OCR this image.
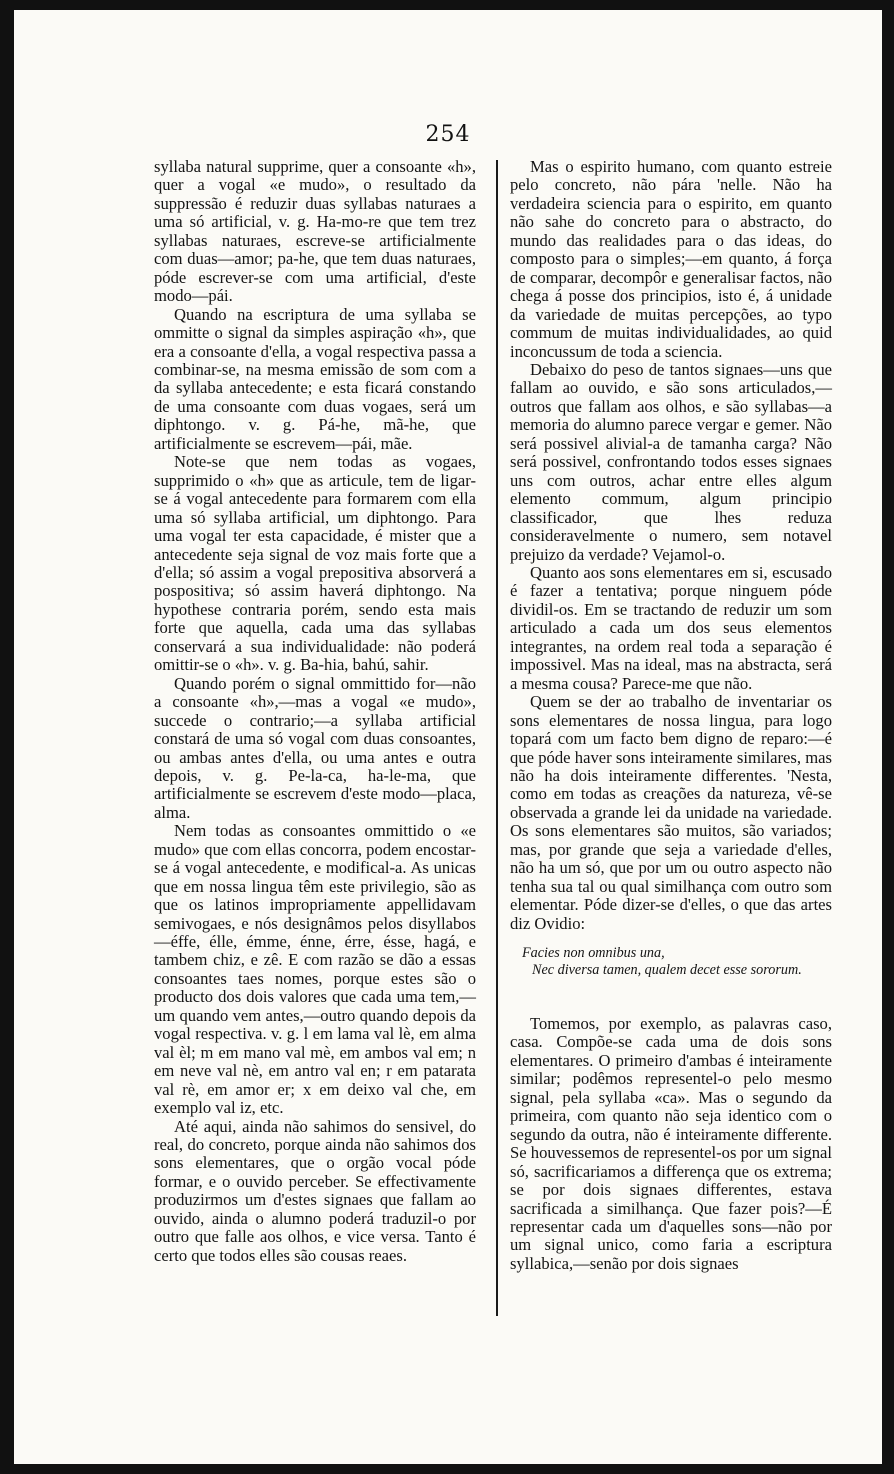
254

syllaba natural supprime, quer a consoante «h», quer a vogal «e mudo», o resultado da suppressão é reduzir duas syllabas naturaes a uma só artificial, v. g. Ha-mo-re que tem trez syllabas naturaes, escreve-se artificialmente com duas—amor; pa-he, que tem duas naturaes, póde escrever-se com uma artificial, d'este modo—pái.

Quando na escriptura de uma syllaba se ommitte o signal da simples aspiração «h», que era a consoante d'ella, a vogal respectiva passa a combinar-se, na mesma emissão de som com a da syllaba antecedente; e esta ficará constando de uma consoante com duas vogaes, será um diphtongo. v. g. Pá-he, mã-he, que artificialmente se escrevem—pái, mãe.

Note-se que nem todas as vogaes, supprimido o «h» que as articule, tem de ligar-se á vogal antecedente para formarem com ella uma só syllaba artificial, um diphtongo. Para uma vogal ter esta capacidade, é mister que a antecedente seja signal de voz mais forte que a d'ella; só assim a vogal prepositiva absorverá a pospositiva; só assim haverá diphtongo. Na hypothese contraria porém, sendo esta mais forte que aquella, cada uma das syllabas conservará a sua individualidade: não poderá omittir-se o «h». v. g. Ba-hia, bahú, sahir.

Quando porém o signal ommittido for—não a consoante «h»,—mas a vogal «e mudo», succede o contrario;—a syllaba artificial constará de uma só vogal com duas consoantes, ou ambas antes d'ella, ou uma antes e outra depois, v. g. Pe-la-ca, ha-le-ma, que artificialmente se escrevem d'este modo—placa, alma.

Nem todas as consoantes ommittido o «e mudo» que com ellas concorra, podem encostar-se á vogal antecedente, e modifical-a. As unicas que em nossa lingua têm este privilegio, são as que os latinos impropriamente appellidavam semivogaes, e nós designâmos pelos disyllabos—éffe, élle, émme, énne, érre, ésse, hagá, e tambem chiz, e zê. E com razão se dão a essas consoantes taes nomes, porque estes são o producto dos dois valores que cada uma tem,—um quando vem antes,—outro quando depois da vogal respectiva. v. g. l em lama val lè, em alma val èl; m em mano val mè, em ambos val em; n em neve val nè, em antro val en; r em patarata val rè, em amor er; x em deixo val che, em exemplo val iz, etc.

Até aqui, ainda não sahimos do sensivel, do real, do concreto, porque ainda não sahimos dos sons elementares, que o orgão vocal póde formar, e o ouvido perceber. Se effectivamente produzirmos um d'estes signaes que fallam ao ouvido, ainda o alumno poderá traduzil-o por outro que falle aos olhos, e vice versa. Tanto é certo que todos elles são cousas reaes.

Mas o espirito humano, com quanto estreie pelo concreto, não pára 'nelle. Não ha verdadeira sciencia para o espirito, em quanto não sahe do concreto para o abstracto, do mundo das realidades para o das ideas, do composto para o simples;—em quanto, á força de comparar, decompôr e generalisar factos, não chega á posse dos principios, isto é, á unidade da variedade de muitas percepções, ao typo commum de muitas individualidades, ao quid inconcussum de toda a sciencia.

Debaixo do peso de tantos signaes—uns que fallam ao ouvido, e são sons articulados,—outros que fallam aos olhos, e são syllabas—a memoria do alumno parece vergar e gemer. Não será possivel alivial-a de tamanha carga? Não será possivel, confrontando todos esses signaes uns com outros, achar entre elles algum elemento commum, algum principio classificador, que lhes reduza consideravelmente o numero, sem notavel prejuizo da verdade? Vejamol-o.

Quanto aos sons elementares em si, escusado é fazer a tentativa; porque ninguem póde dividil-os. Em se tractando de reduzir um som articulado a cada um dos seus elementos integrantes, na ordem real toda a separação é impossivel. Mas na ideal, mas na abstracta, será a mesma cousa? Parece-me que não.

Quem se der ao trabalho de inventariar os sons elementares de nossa lingua, para logo topará com um facto bem digno de reparo:—é que póde haver sons inteiramente similares, mas não ha dois inteiramente differentes. 'Nesta, como em todas as creações da natureza, vê-se observada a grande lei da unidade na variedade. Os sons elementares são muitos, são variados; mas, por grande que seja a variedade d'elles, não ha um só, que por um ou outro aspecto não tenha sua tal ou qual similhança com outro som elementar. Póde dizer-se d'elles, o que das artes diz Ovidio:

Facies non omnibus una,
Nec diversa tamen, qualem decet esse sororum.

Tomemos, por exemplo, as palavras caso, casa. Compõe-se cada uma de dois sons elementares. O primeiro d'ambas é inteiramente similar; podêmos representel-o pelo mesmo signal, pela syllaba «ca». Mas o segundo da primeira, com quanto não seja identico com o segundo da outra, não é inteiramente differente. Se houvessemos de representel-os por um signal só, sacrificariamos a differença que os extrema; se por dois signaes differentes, estava sacrificada a similhança. Que fazer pois?—É representar cada um d'aquelles sons—não por um signal unico, como faria a escriptura syllabica,—senão por dois signaes
